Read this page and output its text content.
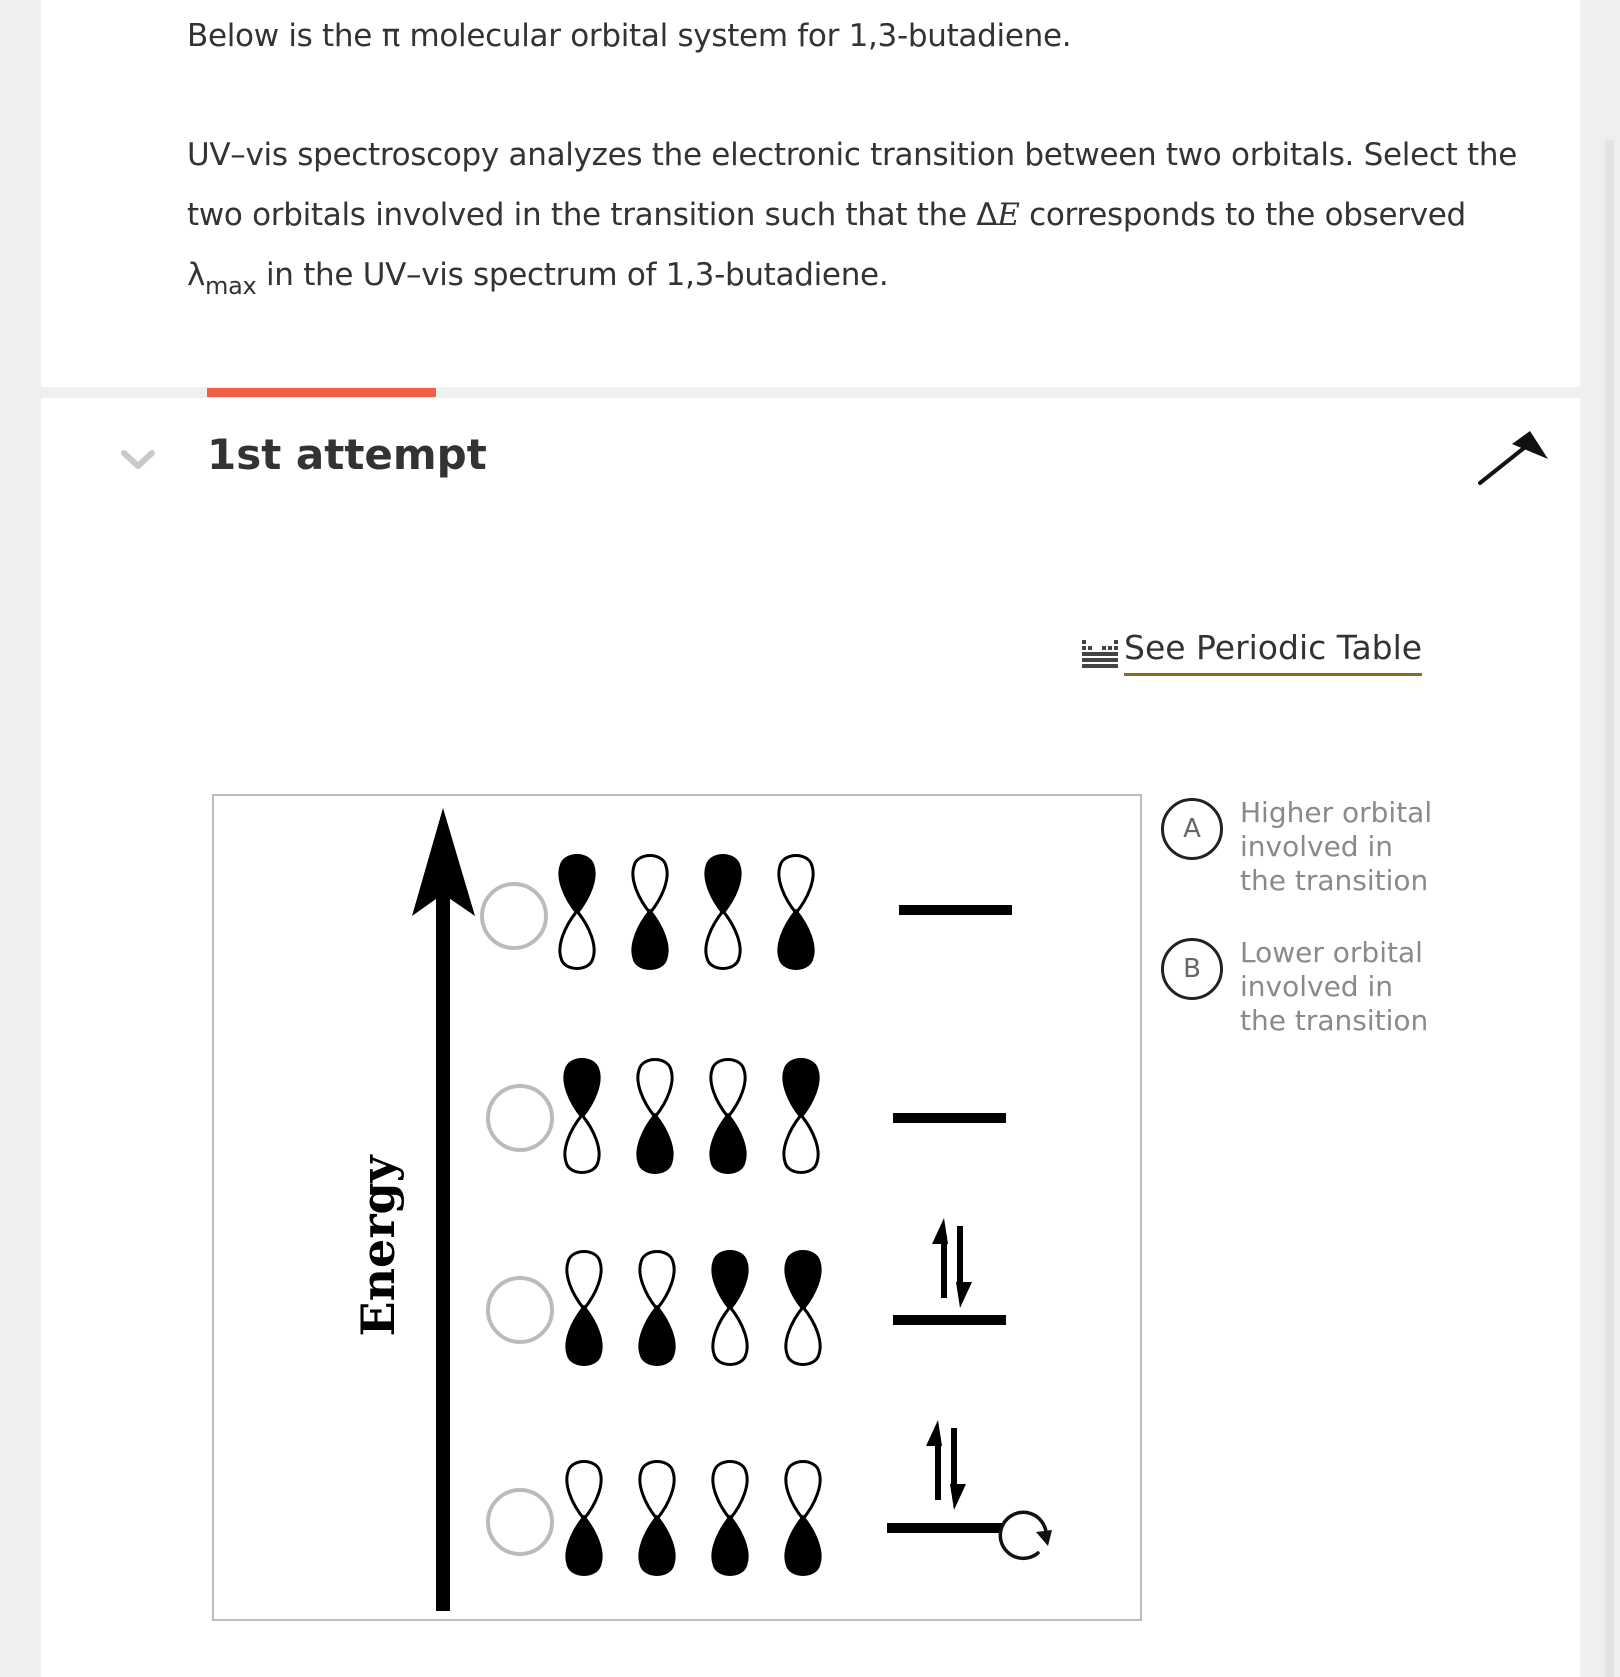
Below is the π molecular orbital system for 1,3-butadiene.

UV–vis spectroscopy analyzes the electronic transition between two orbitals. Select the

two orbitals involved in the transition such that the ΔE corresponds to the observed

$\lambda_{max}$ in the UV–vis spectrum of 1,3-butadiene.

1st attempt
See Periodic Table
Energy
A	Higher orbital involved in the transition
B	Lower orbital involved in the transition
